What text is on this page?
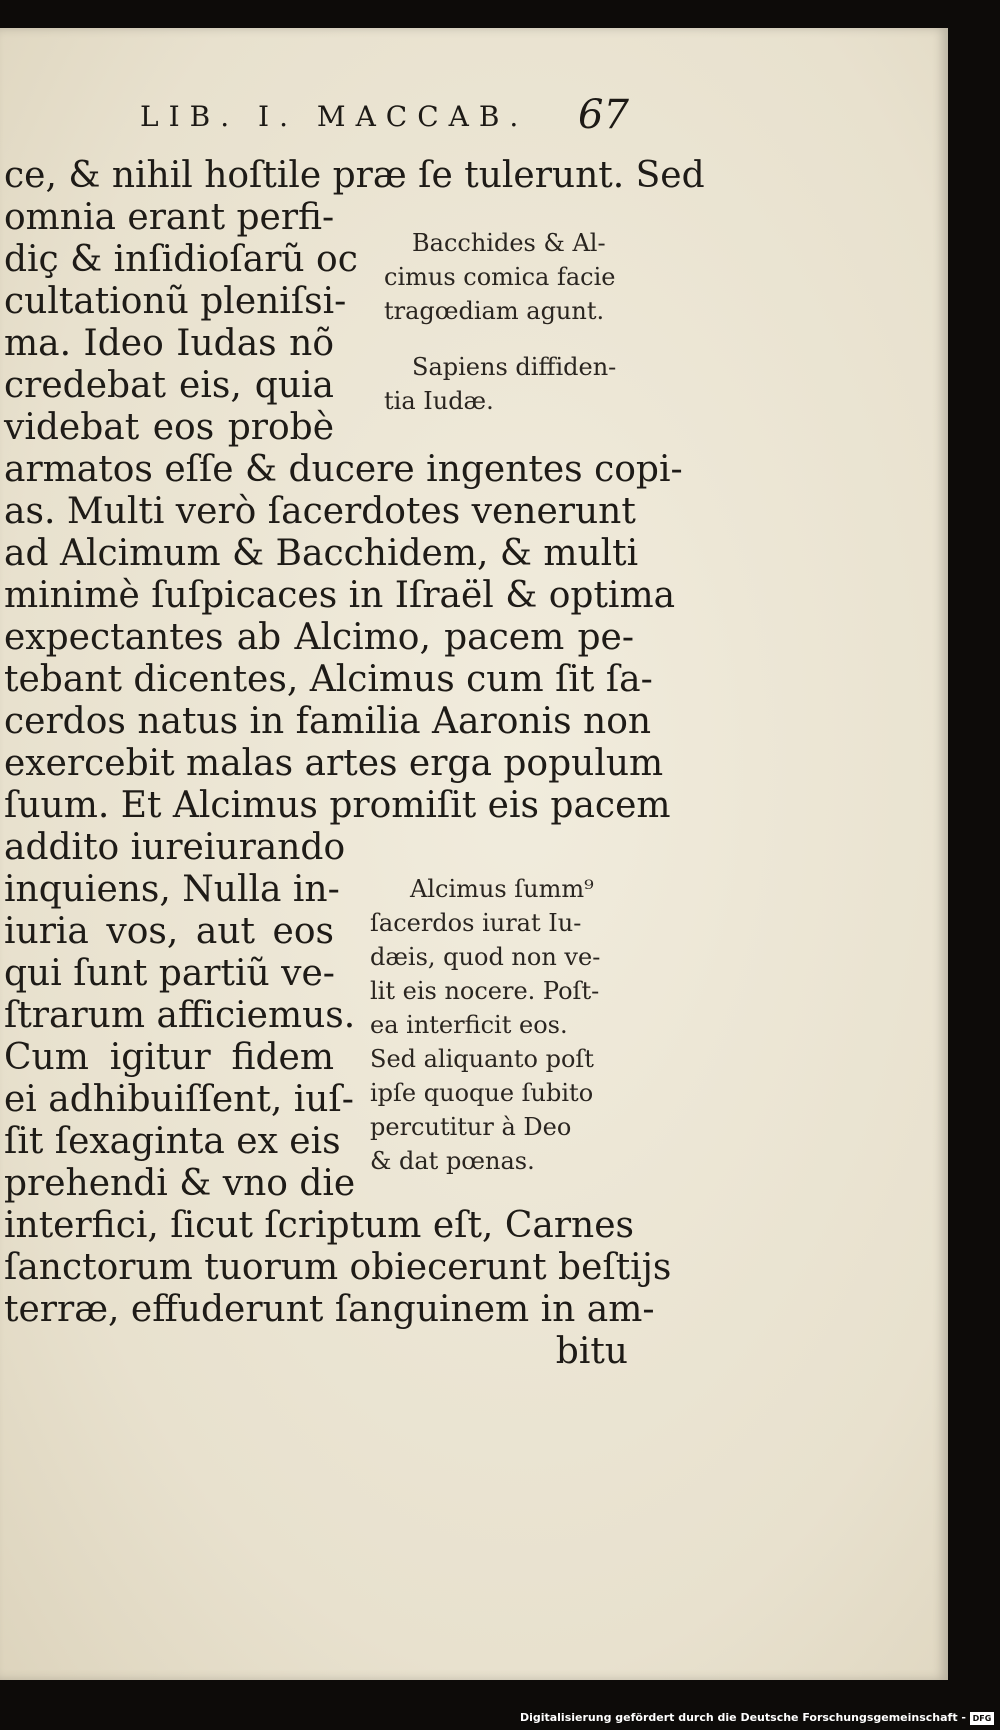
LIB. I. MACCAB.	67
ce, & nihil hoſtile præ ſe tulerunt. Sed
omnia erant perfi-
diç & inſidioſarũ oc
cultationũ pleniſsi-
ma. Ideo Iudas nõ
credebat eis, quia
videbat eos probè
armatos eſſe & ducere ingentes copi-
as. Multi verò ſacerdotes venerunt
ad Alcimum & Bacchidem, & multi
minimè ſuſpicaces in Iſraël & optima
expectantes ab Alcimo, pacem pe-
tebant dicentes, Alcimus cum ſit ſa-
cerdos natus in familia Aaronis non
exercebit malas artes erga populum
ſuum. Et Alcimus promiſit eis pacem
addito iureiurando
inquiens, Nulla in-
iuria vos, aut eos
qui ſunt partiũ ve-
ſtrarum afficiemus.
Cum igitur fidem
ei adhibuiſſent, iuſ-
ſit ſexaginta ex eis
prehendi & vno die
interfici, ſicut ſcriptum eſt, Carnes
ſanctorum tuorum obiecerunt beſtijs
terræ, effuderunt ſanguinem in am-
bitu
Bacchides & Al-
cimus comica facie
tragœdiam agunt.
Sapiens diffiden-
tia Iudæ.
Alcimus ſumm⁹
ſacerdos iurat Iu-
dæis, quod non ve-
lit eis nocere. Poſt-
ea interficit eos.
Sed aliquanto poſt
ipſe quoque ſubito
percutitur à Deo
& dat pœnas.
Digitalisierung gefördert durch die Deutsche Forschungsgemeinschaft - DFG
